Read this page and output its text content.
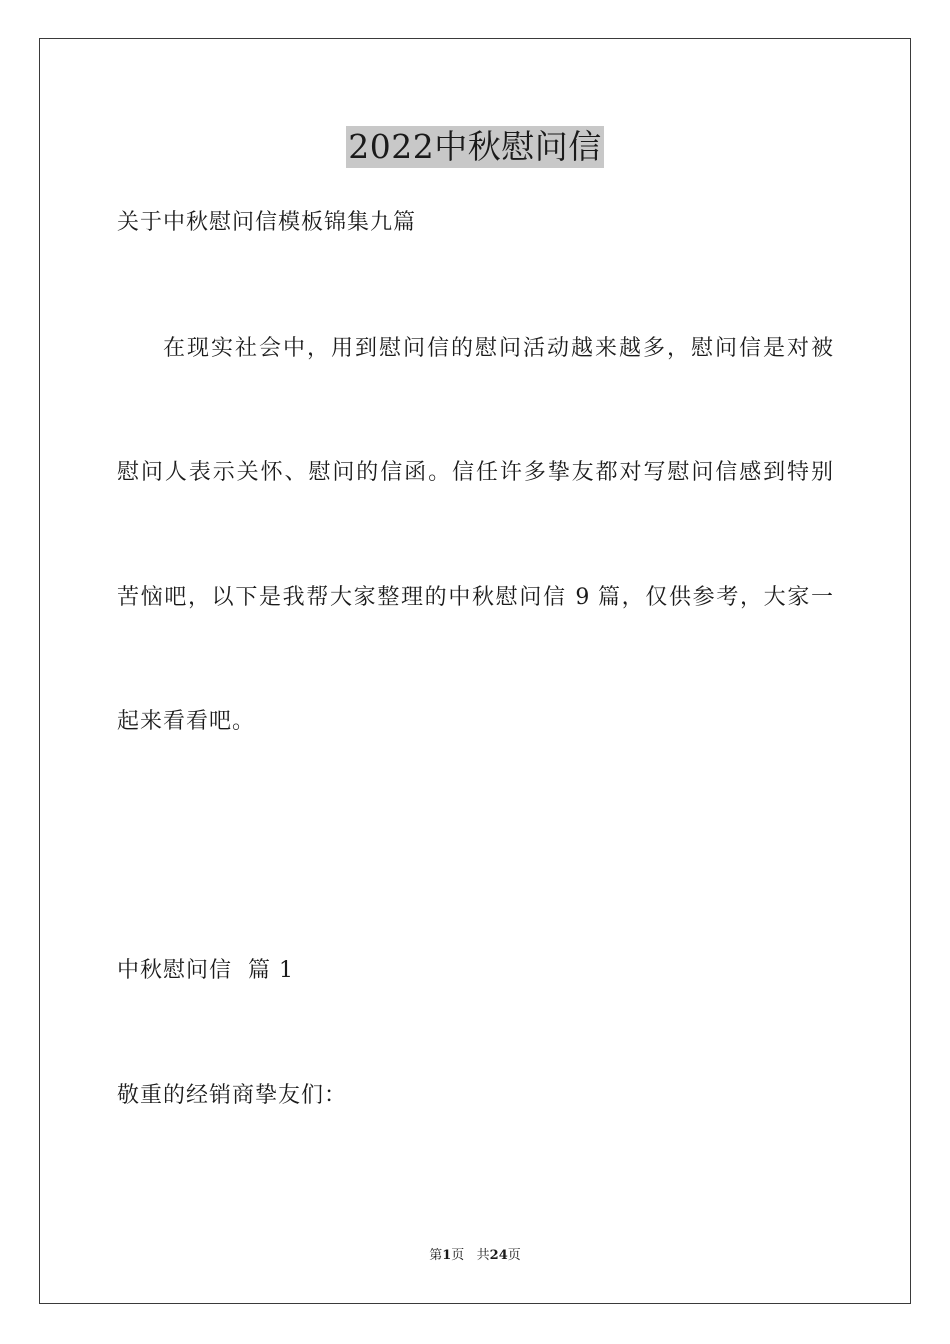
2022中秋慰问信
关于中秋慰问信模板锦集九篇
在现实社会中，用到慰问信的慰问活动越来越多，慰问信是对被
慰问人表示关怀、慰问的信函。信任许多挚友都对写慰问信感到特别
苦恼吧，以下是我帮大家整理的中秋慰问信 9 篇，仅供参考，大家一
起来看看吧。
中秋慰问信  篇 1
敬重的经销商挚友们：
第1页   共24页
